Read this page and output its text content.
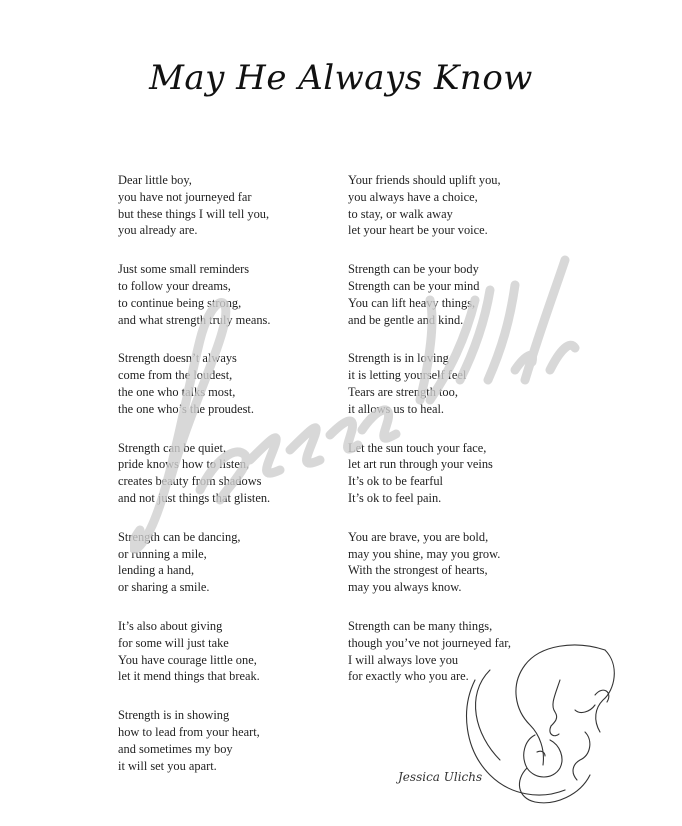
May He Always Know
Dear little boy,
you have not journeyed far
but these things I will tell you,
you already are.
Just some small reminders
to follow your dreams,
to continue being strong,
and what strength truly means.
Strength doesn’t always
come from the loudest,
the one who talks most,
the one who’s the proudest.
Strength can be quiet,
pride knows how to listen,
creates beauty from shadows
and not just things that glisten.
Strength can be dancing,
or running a mile,
lending a hand,
or sharing a smile.
It’s also about giving
for some will just take
You have courage little one,
let it mend things that break.
Strength is in showing
how to lead from your heart,
and sometimes my boy
it will set you apart.
Your friends should uplift you,
you always have a choice,
to stay, or walk away
let your heart be your voice.
Strength can be your body
Strength can be your mind
You can lift heavy things,
and be gentle and kind.
Strength is in loving
it is letting yourself feel
Tears are strength too,
it allows us to heal.
Let the sun touch your face,
let art run through your veins
It’s ok to be fearful
It’s ok to feel pain.
You are brave, you are bold,
may you shine, may you grow.
With the strongest of hearts,
may you always know.
Strength can be many things,
though you’ve not journeyed far,
I will always love you
for exactly who you are.
Jessica Ulichs
